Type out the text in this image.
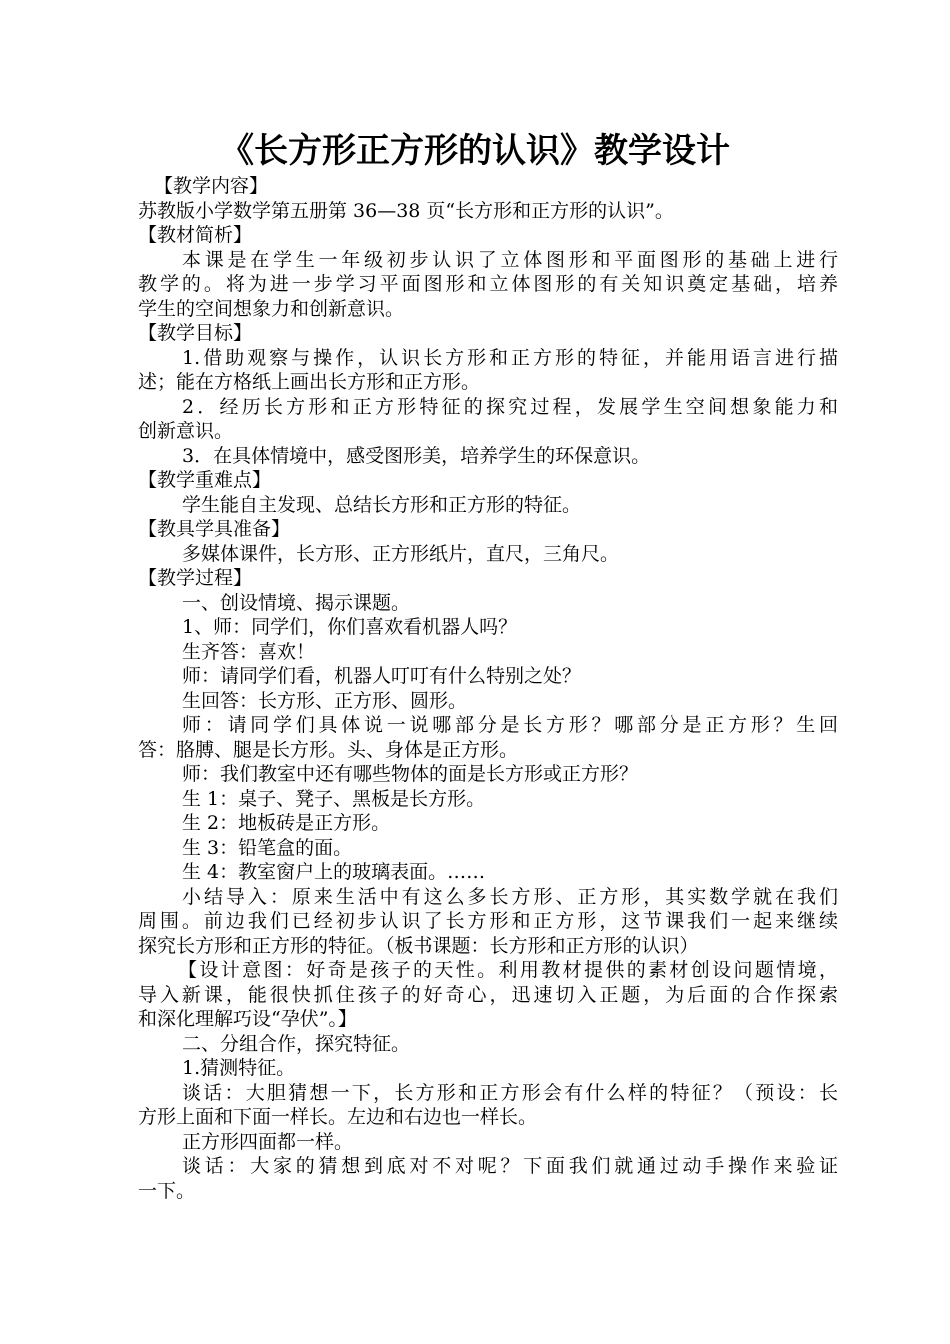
《长方形正方形的认识》教学设计
【教学内容】
苏教版小学数学第五册第 36—38 页“长方形和正方形的认识”。
【教材简析】
本课是在学生一年级初步认识了立体图形和平面图形的基础上进行
教学的。将为进一步学习平面图形和立体图形的有关知识奠定基础，培养
学生的空间想象力和创新意识。
【教学目标】
1.借助观察与操作，认识长方形和正方形的特征，并能用语言进行描
述；能在方格纸上画出长方形和正方形。
2．经历长方形和正方形特征的探究过程，发展学生空间想象能力和
创新意识。
3．在具体情境中，感受图形美，培养学生的环保意识。
【教学重难点】
学生能自主发现、总结长方形和正方形的特征。
【教具学具准备】
多媒体课件，长方形、正方形纸片，直尺，三角尺。
【教学过程】
一、创设情境、揭示课题。
1、师：同学们，你们喜欢看机器人吗？
生齐答：喜欢！
师：请同学们看，机器人叮叮有什么特别之处？
生回答：长方形、正方形、圆形。
师：请同学们具体说一说哪部分是长方形？哪部分是正方形？生回
答：胳膊、腿是长方形。头、身体是正方形。
师：我们教室中还有哪些物体的面是长方形或正方形？
生 1：桌子、凳子、黑板是长方形。
生 2：地板砖是正方形。
生 3：铅笔盒的面。
生 4：教室窗户上的玻璃表面。……
小结导入：原来生活中有这么多长方形、正方形，其实数学就在我们
周围。前边我们已经初步认识了长方形和正方形，这节课我们一起来继续
探究长方形和正方形的特征。（板书课题：长方形和正方形的认识）
【设计意图：好奇是孩子的天性。利用教材提供的素材创设问题情境，
导入新课，能很快抓住孩子的好奇心，迅速切入正题，为后面的合作探索
和深化理解巧设“孕伏”。】
二、分组合作，探究特征。
1.猜测特征。
谈话：大胆猜想一下，长方形和正方形会有什么样的特征？（预设：长
方形上面和下面一样长。左边和右边也一样长。
正方形四面都一样。
谈话：大家的猜想到底对不对呢？下面我们就通过动手操作来验证
一下。
